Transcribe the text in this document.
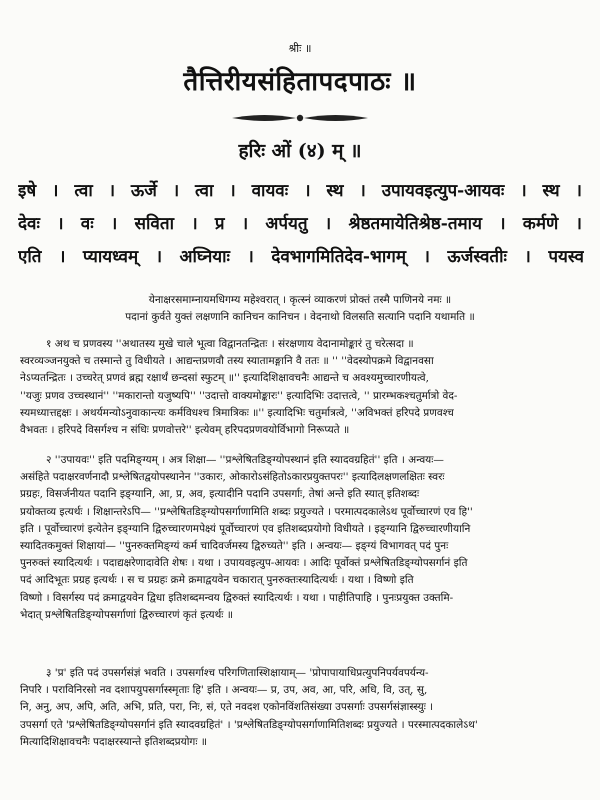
श्रीः ॥
तैत्तिरीयसंहितापदपाठः ॥
हरिः ओं (४) म् ॥
इषे । त्वा । ऊर्जे । त्वा । वायवः । स्थ । उपायवइत्युप-आयवः । स्थ ।
देवः । वः । सविता । प्र । अर्पयतु । श्रेष्ठतमायेतिश्रेष्ठ-तमाय । कर्मणे ।
एति । प्यायध्वम् । अघ्नियाः । देवभागमितिदेव-भागम् । ऊर्जस्वतीः । पयस्व
येनाक्षरसमाम्नायमधिगम्य महेश्वरात् । कृत्स्नं व्याकरणं प्रोक्तं तस्मै पाणिनये नमः ॥
पदानां कुर्वते युक्तं लक्षणानि कानिचन कानिचन । वेदनाथो विलसति सत्यानि पदानि यथामति ॥
१ अथ च प्रणवस्य ''अथातस्य मुखे चाले भूत्वा विद्वानतन्द्रितः । संरक्षणाय वेदानामोङ्कारं तु चरेत्सदा ॥
स्वरव्यञ्जनयुक्ते च तस्मान्ते तु विधीयते । आद्यन्तप्रणवौ तस्य स्यातामङ्गानि वै ततः ॥ '' ''वेदस्योपक्रमे विद्वानवसा
नेऽप्यतन्द्रितः । उच्चरेत् प्रणवं ब्रह्म रक्षार्थं छन्दसां स्फुटम् ॥'' इत्यादिशिक्षावचनैः आद्यन्ते च अवश्यमुच्चारणीयत्वे,
''यजुः प्रणव उच्चस्थानं'' ''मकारान्तो यजुष्यपि'' ''उदात्तो वाक्यमोङ्कारः'' इत्यादिभिः उदात्तत्वे, '' प्रारम्भकश्चतुर्मात्रो वेद-
स्यमध्यात्तद्दक्षः । अथर्यमन्योऽनुवाकान्त्यः कर्मविधश्च त्रिमात्रिकः ॥'' इत्यादिभिः चतुर्मात्रत्वे, ''अविभक्तं हरिपदे प्रणवश्च
वैभवतः । हरिपदे विसर्गश्च न संधिः प्रणवोत्तरे'' इत्येवम् हरिपदप्रणवयोर्विभागो निरूप्यते ॥
२ ''उपायवः'' इति पदमिङ्ग्यम् । अत्र शिक्षा— ''प्रश्लेषितडिङ्ग्योपस्थानं इति स्यादवग्रहितं'' इति । अन्वयः—
असंहिते पदाक्षरवर्णनादौ प्रश्लेषितद्वयोपस्थानेन ''उकारः, ओकारोऽसंहितोऽकारप्रयुक्तपरः'' इत्यादिलक्षणलक्षितः स्वरः
प्रग्रहः, विसर्जनीयत पदानि इङ्ग्यानि, आ, प्र, अव, इत्यादीनि पदानि उपसर्गाः, तेषां अन्ते इति स्यात् इतिशब्दः
प्रयोक्तव्य इत्यर्थः । शिक्षान्तरेऽपि— ''प्रश्लेषितडिङ्ग्योपसर्गाणामिति शब्दः प्रयुज्यते । परमात्पदकालेऽथ पूर्वोच्चारणं एव हि''
इति । पूर्वोच्चारणं इत्येतेन इङ्ग्यानि द्विरुच्चारणमपेक्ष्यं पूर्वोच्चारणं एव इतिशब्दप्रयोगो विधीयते । इङ्ग्यानि द्विरुच्चारणीयानि
स्यादितकमुक्तं शिक्षायां— ''पुनरुक्तमिङ्ग्यं कर्म चादिवर्जमस्य द्विरुच्यते'' इति । अन्वयः— इङ्ग्यं विभागवत् पदं पुनः
पुनरुक्तं स्यादित्यर्थः । पदाद्यक्षरेणादावेति शेषः । यथा । उपायवइत्युप-आयवः । आदिः पूर्वोक्तं प्रश्लेषितडिङ्ग्योपसर्गानं इति
पदं आदिभूतः प्रग्रह इत्यर्थः । स च प्रग्रहः क्रमे क्रमाद्वयवेन चकारात् पुनरुक्तःस्यादित्यर्थः । यथा । विष्णो इति
विष्णो । विसर्गस्य पदं क्रमाद्वयवेन द्विधा इतिशब्दमन्वय द्विरुक्तं स्यादित्यर्थः । यथा । पाहीतिपाहि । पुनःप्रयुक्त उक्तमि-
भेदात् प्रश्लेषितडिङ्ग्योपसर्गाणां द्विरुच्चारणं कृतं इत्यर्थः ॥
३ 'प्र' इति पदं उपसर्गसंज्ञं भवति । उपसर्गाश्च परिगणितास्शिक्षायाम्— 'प्रोपापायाधिप्रत्युपनिपर्यवपर्यन्य-
निपरि । पराविनिरसो नव दशापयुपसर्गास्स्मृताः हि' इति । अन्वयः— प्र, उप, अव, आ, परि, अधि, वि, उत्, सु,
नि, अनु, अप, अपि, अति, अभि, प्रति, परा, निः, सं, एते नवदश एकोनविंशतिसंख्या उपसर्गाः उपसर्गसंज्ञास्स्युः ।
उपसर्गा एते 'प्रश्लेषितडिङ्ग्योपसर्गानं इति स्यादवग्रहितं' । 'प्रश्लेषितडिङ्ग्योपसर्गाणामितिशब्दः प्रयुज्यते । परस्मात्पदकालेऽथ'
मित्यादिशिक्षावचनैः पदाक्षरस्यान्ते इतिशब्दप्रयोगः ॥
